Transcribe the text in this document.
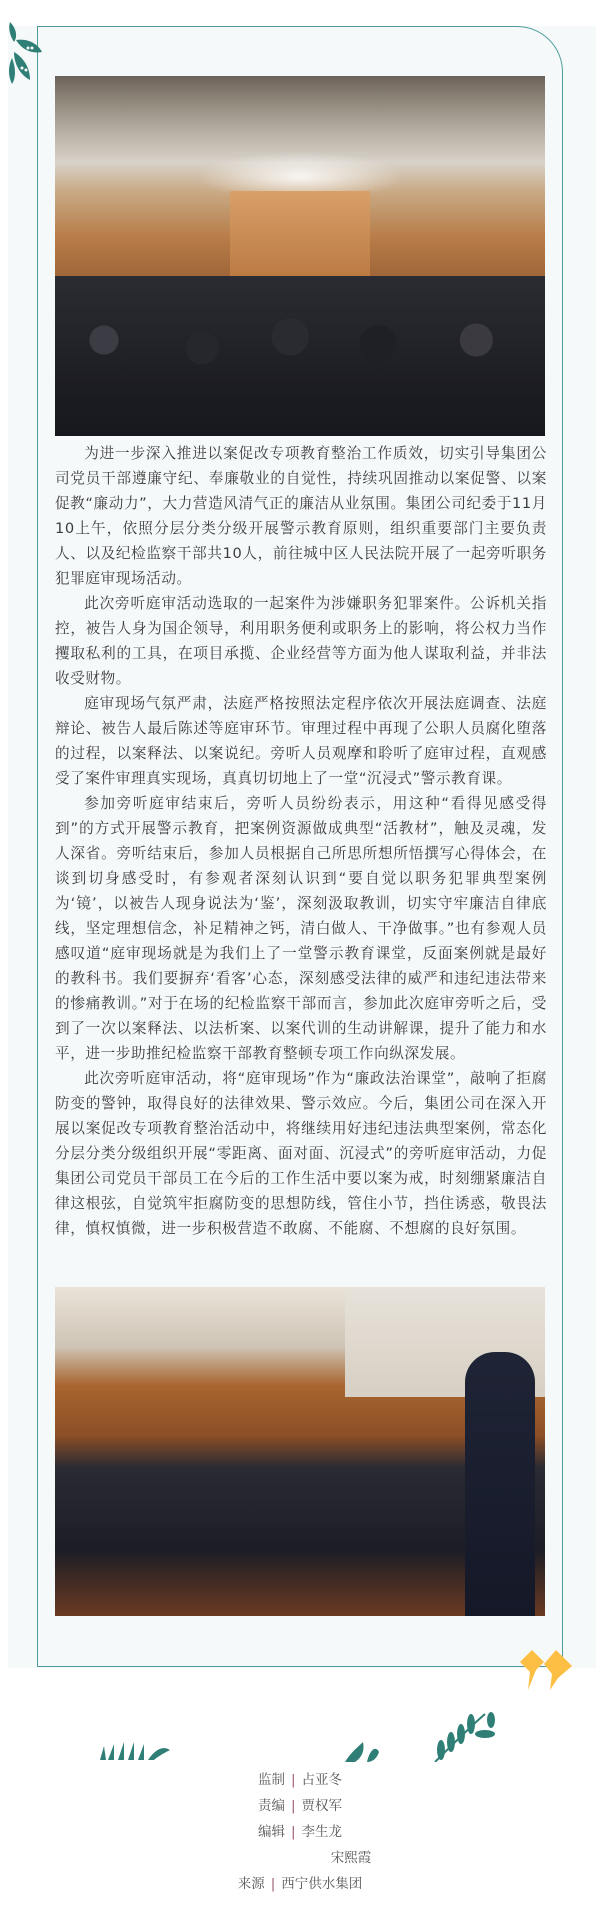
为进一步深入推进以案促改专项教育整治工作质效，切实引导集团公司党员干部遵廉守纪、奉廉敬业的自觉性，持续巩固推动以案促警、以案促教“廉动力”，大力营造风清气正的廉洁从业氛围。集团公司纪委于11月10上午，依照分层分类分级开展警示教育原则，组织重要部门主要负责人、以及纪检监察干部共10人，前往城中区人民法院开展了一起旁听职务犯罪庭审现场活动。

此次旁听庭审活动选取的一起案件为涉嫌职务犯罪案件。公诉机关指控，被告人身为国企领导，利用职务便利或职务上的影响，将公权力当作攫取私利的工具，在项目承揽、企业经营等方面为他人谋取利益，并非法收受财物。

庭审现场气氛严肃，法庭严格按照法定程序依次开展法庭调查、法庭辩论、被告人最后陈述等庭审环节。审理过程中再现了公职人员腐化堕落的过程，以案释法、以案说纪。旁听人员观摩和聆听了庭审过程，直观感受了案件审理真实现场，真真切切地上了一堂“沉浸式”警示教育课。

参加旁听庭审结束后，旁听人员纷纷表示，用这种“看得见感受得到”的方式开展警示教育，把案例资源做成典型“活教材”，触及灵魂，发人深省。旁听结束后，参加人员根据自己所思所想所悟撰写心得体会，在谈到切身感受时，有参观者深刻认识到“要自觉以职务犯罪典型案例为‘镜’，以被告人现身说法为‘鉴’，深刻汲取教训，切实守牢廉洁自律底线，坚定理想信念，补足精神之钙，清白做人、干净做事。”也有参观人员感叹道“庭审现场就是为我们上了一堂警示教育课堂，反面案例就是最好的教科书。我们要摒弃‘看客’心态，深刻感受法律的威严和违纪违法带来的惨痛教训。”对于在场的纪检监察干部而言，参加此次庭审旁听之后，受到了一次以案释法、以法析案、以案代训的生动讲解课，提升了能力和水平，进一步助推纪检监察干部教育整顿专项工作向纵深发展。

此次旁听庭审活动，将“庭审现场”作为“廉政法治课堂”，敲响了拒腐防变的警钟，取得良好的法律效果、警示效应。今后，集团公司在深入开展以案促改专项教育整治活动中，将继续用好违纪违法典型案例，常态化分层分类分级组织开展“零距离、面对面、沉浸式”的旁听庭审活动，力促集团公司党员干部员工在今后的工作生活中要以案为戒，时刻绷紧廉洁自律这根弦，自觉筑牢拒腐防变的思想防线，管住小节，挡住诱惑，敬畏法律，慎权慎微，进一步积极营造不敢腐、不能腐、不想腐的良好氛围。

监制 | 占亚冬
责编 | 贾权军
编辑 | 李生龙
宋熙霞
来源 | 西宁供水集团
